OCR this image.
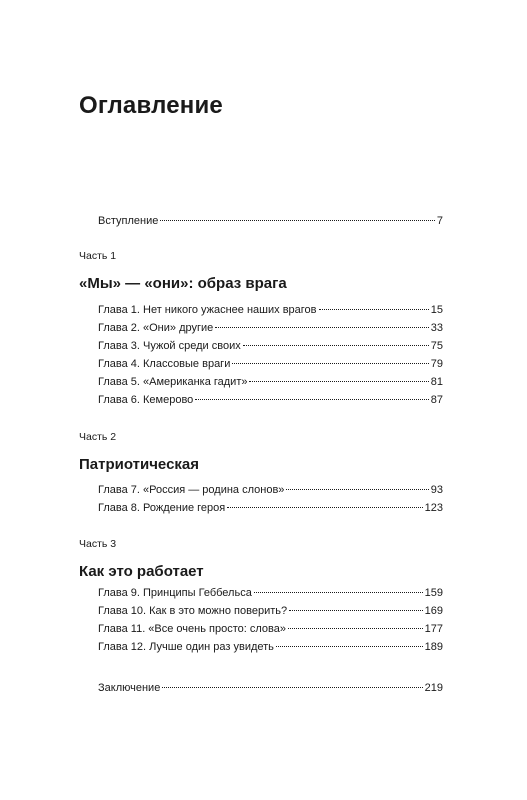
Оглавление
Вступление	7
Часть 1
«Мы» — «они»: образ врага
Глава 1. Нет никого ужаснее наших врагов	15
Глава 2. «Они» другие	33
Глава 3. Чужой среди своих	75
Глава 4. Классовые враги	79
Глава 5. «Американка гадит»	81
Глава 6. Кемерово	87
Часть 2
Патриотическая
Глава 7. «Россия — родина слонов»	93
Глава 8. Рождение героя	123
Часть 3
Как это работает
Глава 9. Принципы Геббельса	159
Глава 10. Как в это можно поверить?	169
Глава 11. «Все очень просто: слова»	177
Глава 12. Лучше один раз увидеть	189
Заключение	219
